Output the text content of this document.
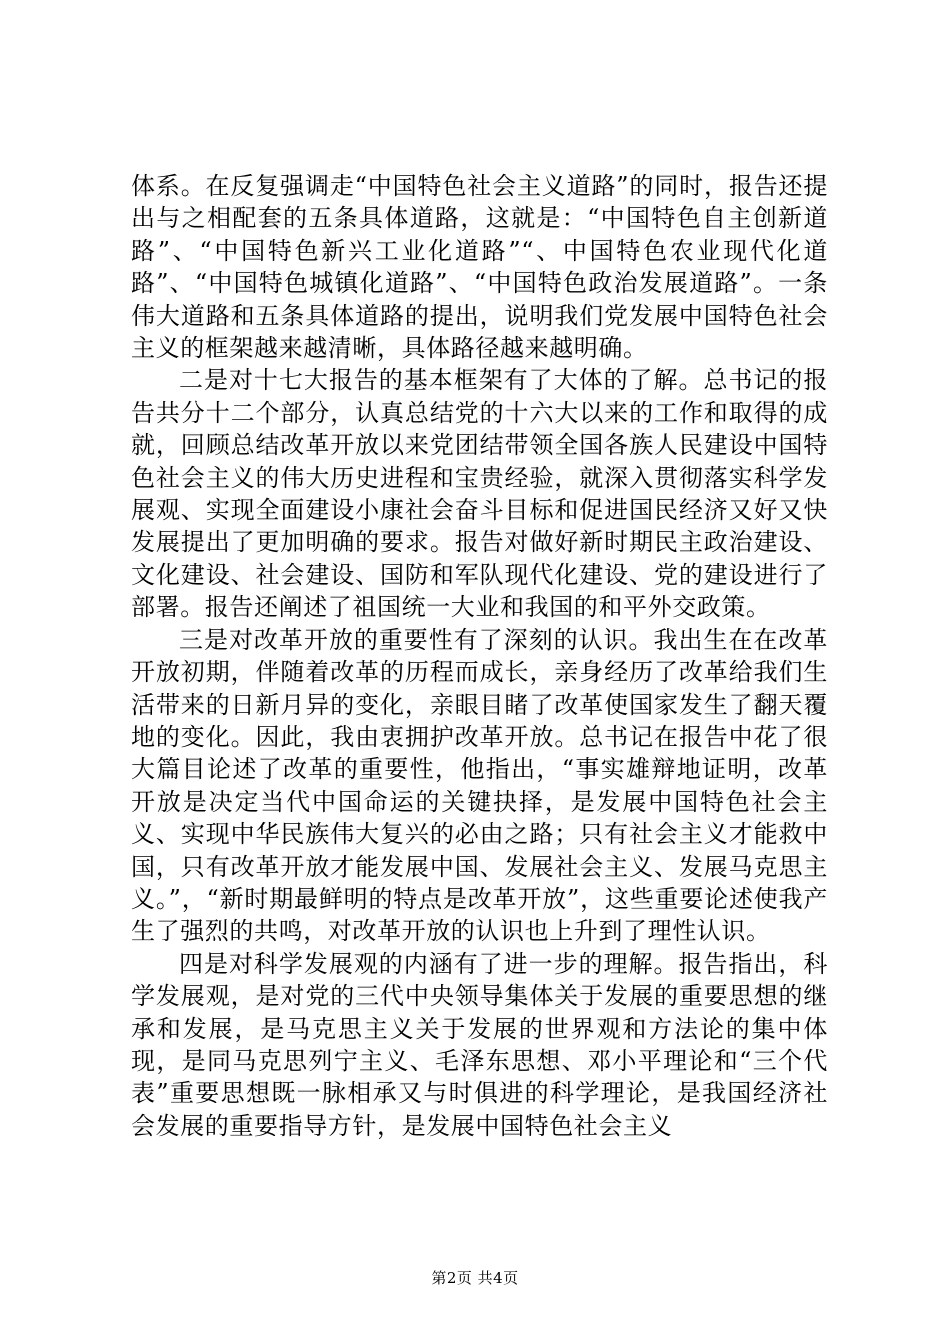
体系。在反复强调走“中国特色社会主义道路”的同时，报告还提出与之相配套的五条具体道路，这就是：“中国特色自主创新道路”、“中国特色新兴工业化道路”“、中国特色农业现代化道路”、“中国特色城镇化道路”、“中国特色政治发展道路”。一条伟大道路和五条具体道路的提出，说明我们党发展中国特色社会主义的框架越来越清晰，具体路径越来越明确。

二是对十七大报告的基本框架有了大体的了解。总书记的报告共分十二个部分，认真总结党的十六大以来的工作和取得的成就，回顾总结改革开放以来党团结带领全国各族人民建设中国特色社会主义的伟大历史进程和宝贵经验，就深入贯彻落实科学发展观、实现全面建设小康社会奋斗目标和促进国民经济又好又快发展提出了更加明确的要求。报告对做好新时期民主政治建设、文化建设、社会建设、国防和军队现代化建设、党的建设进行了部署。报告还阐述了祖国统一大业和我国的和平外交政策。

三是对改革开放的重要性有了深刻的认识。我出生在在改革开放初期，伴随着改革的历程而成长，亲身经历了改革给我们生活带来的日新月异的变化，亲眼目睹了改革使国家发生了翻天覆地的变化。因此，我由衷拥护改革开放。总书记在报告中花了很大篇目论述了改革的重要性，他指出，“事实雄辩地证明，改革开放是决定当代中国命运的关键抉择，是发展中国特色社会主义、实现中华民族伟大复兴的必由之路；只有社会主义才能救中国，只有改革开放才能发展中国、发展社会主义、发展马克思主义。”，“新时期最鲜明的特点是改革开放”，这些重要论述使我产生了强烈的共鸣，对改革开放的认识也上升到了理性认识。

四是对科学发展观的内涵有了进一步的理解。报告指出，科学发展观，是对党的三代中央领导集体关于发展的重要思想的继承和发展，是马克思主义关于发展的世界观和方法论的集中体现，是同马克思列宁主义、毛泽东思想、邓小平理论和“三个代表”重要思想既一脉相承又与时俱进的科学理论，是我国经济社会发展的重要指导方针，是发展中国特色社会主义

第2页 共4页
